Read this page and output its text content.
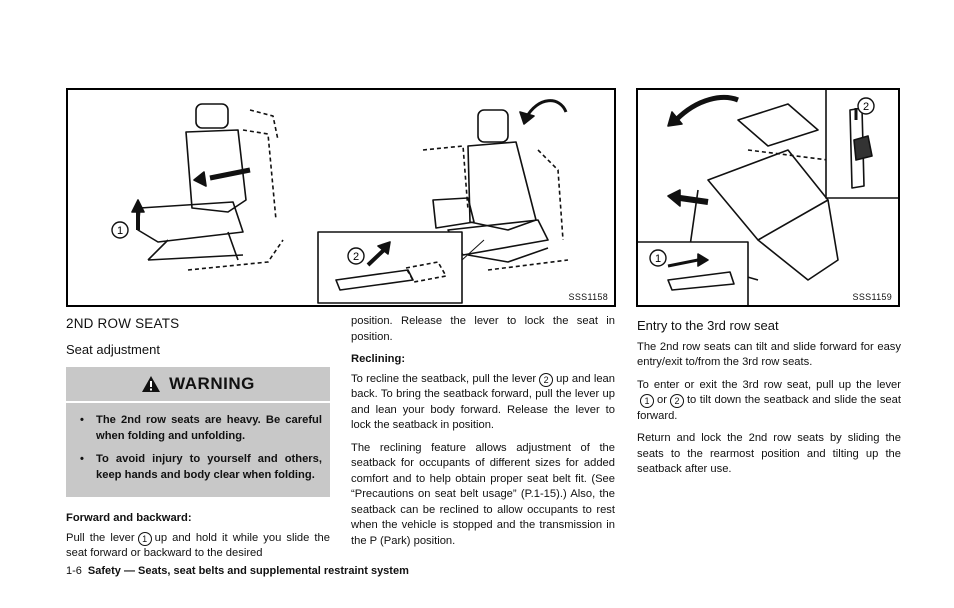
1
2
SSS1158
2
1
SSS1159
2ND ROW SEATS
Seat adjustment
WARNING
• The 2nd row seats are heavy. Be careful when folding and unfolding.
• To avoid injury to yourself and others, keep hands and body clear when folding.
Forward and backward:

Pull the lever 1 up and hold it while you slide the seat forward or backward to the desired

position. Release the lever to lock the seat in position.

Reclining:

To recline the seatback, pull the lever 2 up and lean back. To bring the seatback forward, pull the lever up and lean your body forward. Release the lever to lock the seatback in position.

The reclining feature allows adjustment of the seatback for occupants of different sizes for added comfort and to help obtain proper seat belt fit. (See “Precautions on seat belt usage” (P.1-15).) Also, the seatback can be reclined to allow occupants to rest when the vehicle is stopped and the transmission in the P (Park) position.

Entry to the 3rd row seat

The 2nd row seats can tilt and slide forward for easy entry/exit to/from the 3rd row seats.

To enter or exit the 3rd row seat, pull up the lever 1 or 2 to tilt down the seatback and slide the seat forward.

Return and lock the 2nd row seats by sliding the seats to the rearmost position and tilting up the seatback after use.

1-6 Safety — Seats, seat belts and supplemental restraint system
